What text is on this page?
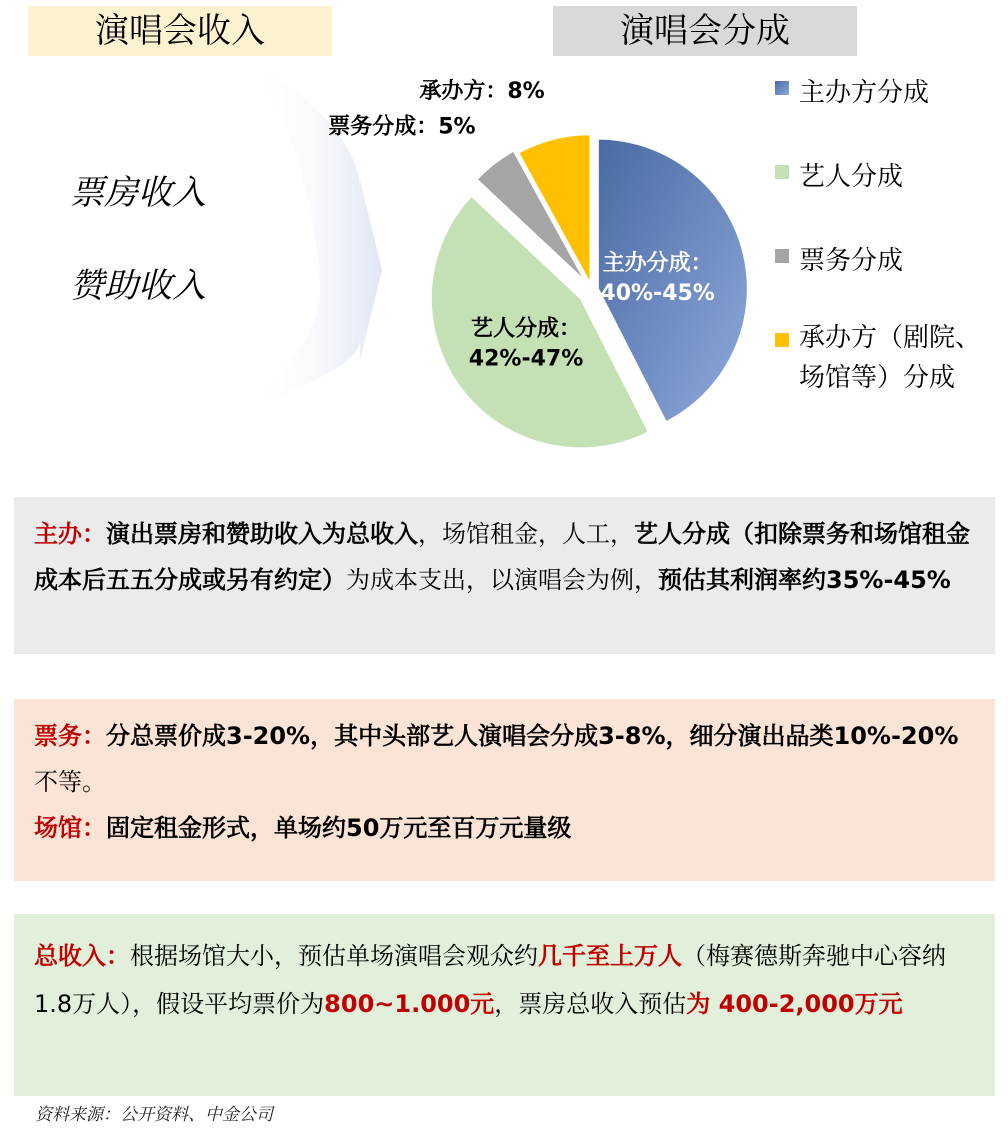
演唱会收入	演唱会分成
票房收入
赞助收入
主办分成：
40%-45%
艺人分成：
42%-47%
票务分成：5%
承办方：8%	主办方分成
艺人分成
票务分成
承办方（剧院、
场馆等）分成

主办：演出票房和赞助收入为总收入，场馆租金，人工，艺人分成（扣除票务和场馆租金成本后五五分成或另有约定）为成本支出，以演唱会为例，预估其利润率约35%-45%

票务：分总票价成3-20%，其中头部艺人演唱会分成3-8%，细分演出品类10%-20%不等。

场馆：固定租金形式，单场约50万元至百万元量级

总收入：根据场馆大小，预估单场演唱会观众约几千至上万人（梅赛德斯奔驰中心容纳1.8万人），假设平均票价为800~1.000元，票房总收入预估为 400-2,000万元

资料来源：公开资料、中金公司
